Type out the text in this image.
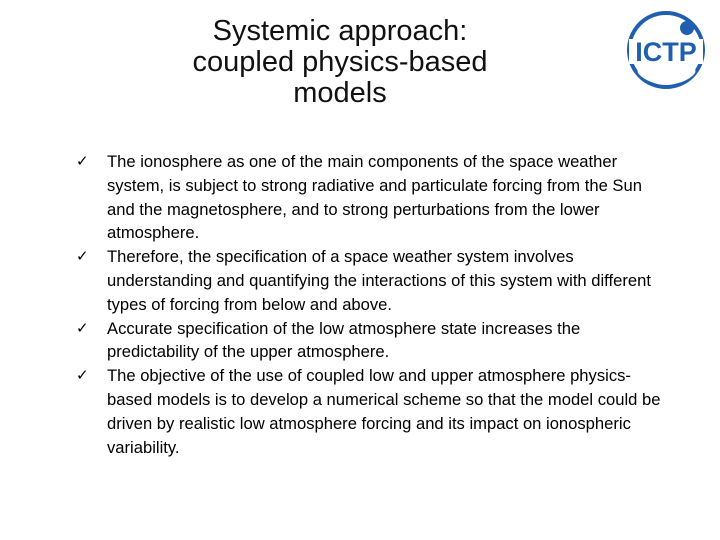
Systemic approach:
coupled physics-based
models
ICTP
✓	The ionosphere as one of the main components of the space weather system, is subject to strong radiative and particulate forcing from the Sun and the magnetosphere, and to strong perturbations from the lower atmosphere.
✓	Therefore, the specification of a space weather system involves understanding and quantifying the interactions of this system with different types of forcing from below and above.
✓	Accurate specification of the low atmosphere state increases the predictability of the upper atmosphere.
✓	The objective of the use of coupled low and upper atmosphere physics-based models is to develop a numerical scheme so that the model could be driven by realistic low atmosphere forcing and its impact on ionospheric variability.
